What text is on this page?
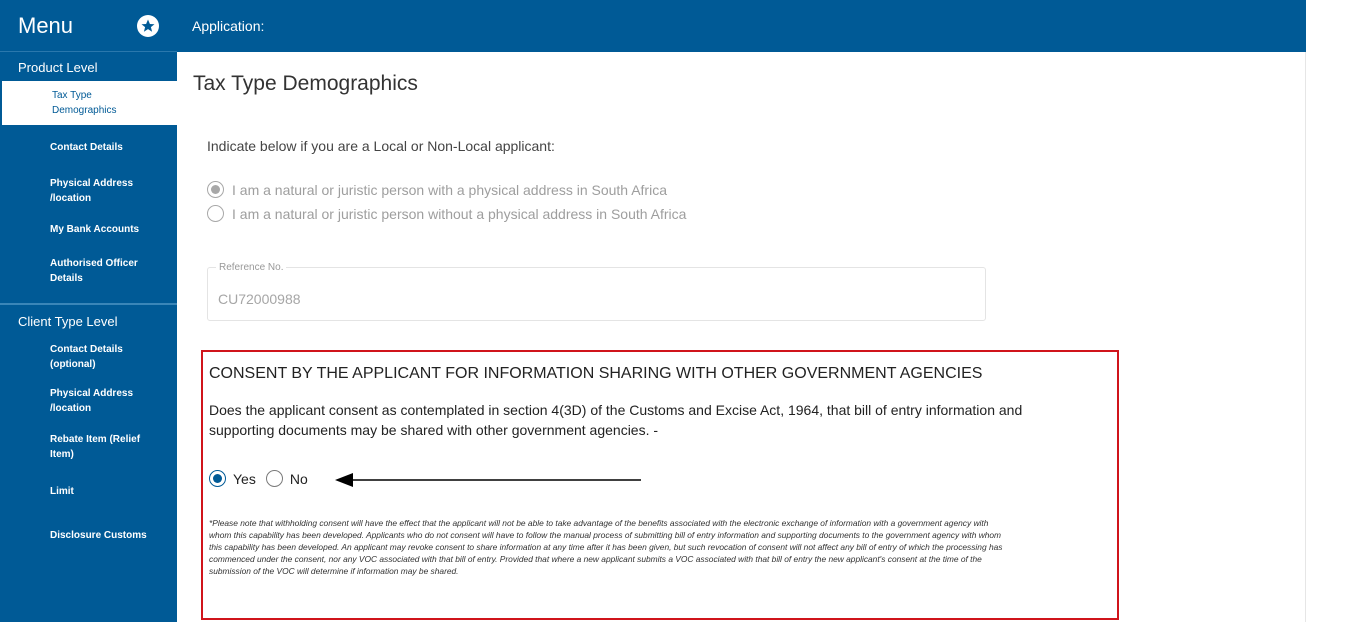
Menu
Product Level
Tax Type Demographics
Contact Details
Physical Address /location
My Bank Accounts
Authorised Officer Details
Client Type Level
Contact Details (optional)
Physical Address /location
Rebate Item (Relief Item)
Limit
Disclosure Customs
Application:
Tax Type Demographics
Indicate below if you are a Local or Non-Local applicant:
I am a natural or juristic person with a physical address in South Africa
I am a natural or juristic person without a physical address in South Africa
Reference No.
CU72000988
CONSENT BY THE APPLICANT FOR INFORMATION SHARING WITH OTHER GOVERNMENT AGENCIES
Does the applicant consent as contemplated in section 4(3D) of the Customs and Excise Act, 1964, that bill of entry information and supporting documents may be shared with other government agencies. -
Yes No
*Please note that withholding consent will have the effect that the applicant will not be able to take advantage of the benefits associated with the electronic exchange of information with a government agency with whom this capability has been developed. Applicants who do not consent will have to follow the manual process of submitting bill of entry information and supporting documents to the government agency with whom this capability has been developed. An applicant may revoke consent to share information at any time after it has been given, but such revocation of consent will not affect any bill of entry of which the processing has commenced under the consent, nor any VOC associated with that bill of entry. Provided that where a new applicant submits a VOC associated with that bill of entry the new applicant's consent at the time of the submission of the VOC will determine if information may be shared.
